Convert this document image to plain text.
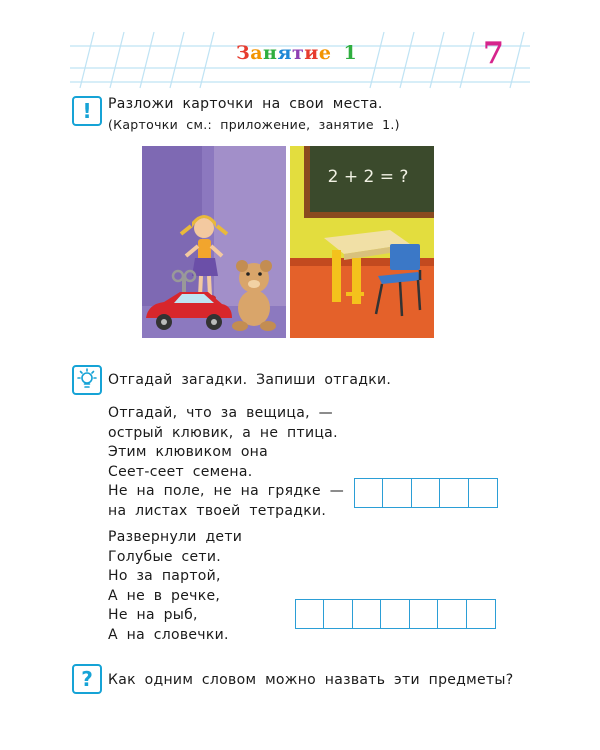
Занятие 1	7
!	Разложи карточки на свои места.
(Карточки см.: приложение, занятие 1.)
2 + 2 = ?
Отгадай загадки. Запиши отгадки.
Отгадай, что за вещица, —
острый клювик, а не птица.
Этим клювиком она
Сеет-сеет семена.
Не на поле, не на грядке —
на листах твоей тетрадки.
Развернули дети
Голубые сети.
Но за партой,
А не в речке,
Не на рыб,
А на словечки.
?	Как одним словом можно назвать эти предметы?
